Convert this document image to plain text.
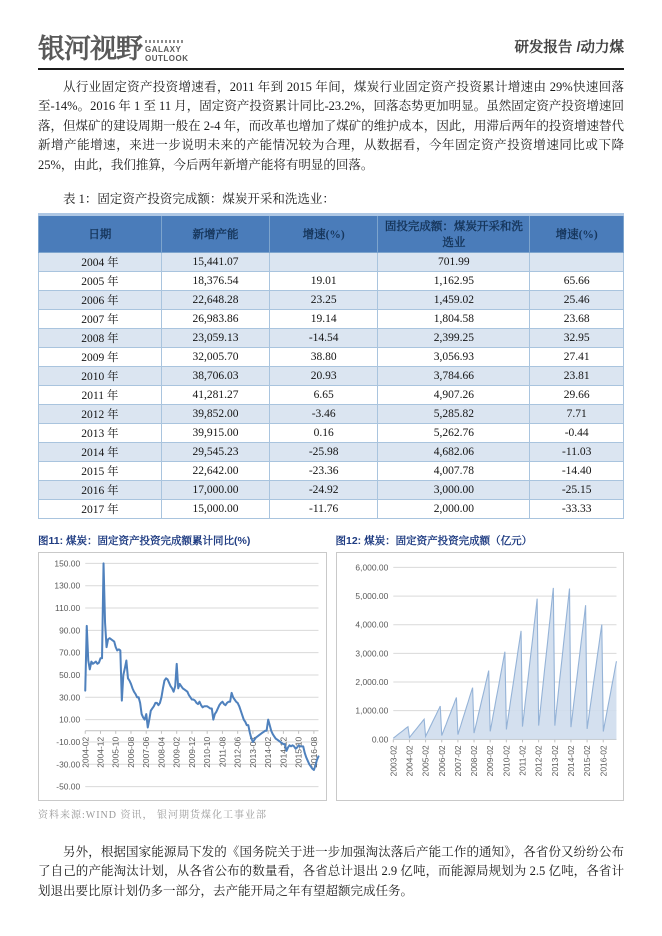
银河视野 GALAXY
OUTLOOK
研发报告 /动力煤

从行业固定资产投资增速看，2011 年到 2015 年间，煤炭行业固定资产投资累计增速由 29%快速回落至-14%。2016 年 1 至 11 月，固定资产投资累计同比-23.2%，回落态势更加明显。虽然固定资产投资增速回落，但煤矿的建设周期一般在 2-4 年，而改革也增加了煤矿的维护成本，因此，用滞后两年的投资增速替代新增产能增速，来进一步说明未来的产能情况较为合理，从数据看，今年固定资产投资增速同比或下降 25%，由此，我们推算，今后两年新增产能将有明显的回落。

表 1：固定资产投资完成额：煤炭开采和洗选业：

日期	新增产能	增速(%)	固投完成额：煤炭开采和洗选业	增速(%)
2004 年	15,441.07		701.99	
2005 年	18,376.54	19.01	1,162.95	65.66
2006 年	22,648.28	23.25	1,459.02	25.46
2007 年	26,983.86	19.14	1,804.58	23.68
2008 年	23,059.13	-14.54	2,399.25	32.95
2009 年	32,005.70	38.80	3,056.93	27.41
2010 年	38,706.03	20.93	3,784.66	23.81
2011 年	41,281.27	6.65	4,907.26	29.66
2012 年	39,852.00	-3.46	5,285.82	7.71
2013 年	39,915.00	0.16	5,262.76	-0.44
2014 年	29,545.23	-25.98	4,682.06	-11.03
2015 年	22,642.00	-23.36	4,007.78	-14.40
2016 年	17,000.00	-24.92	3,000.00	-25.15
2017 年	15,000.00	-11.76	2,000.00	-33.33

图11: 煤炭：固定资产投资完成额累计同比(%)

-50.00
-30.00
-10.00
10.00
30.00
50.00
70.00
90.00
110.00
130.00
150.00
2004-02 2004-12 2005-10 2006-08 2007-06 2008-04 2009-02 2009-12 2010-10 2011-08 2012-06 2013-04 2014-02 2014-12 2015-10 2016-08

图12: 煤炭：固定资产投资完成额（亿元）

0.00
1,000.00
2,000.00
3,000.00
4,000.00
5,000.00
6,000.00
2003-02 2004-02 2005-02 2006-02 2007-02 2008-02 2009-02 2010-02 2011-02 2012-02 2013-02 2014-02 2015-02 2016-02
资料来源:WIND 资讯， 银河期货煤化工事业部

另外，根据国家能源局下发的《国务院关于进一步加强淘汰落后产能工作的通知》，各省份又纷纷公布了自己的产能淘汰计划，从各省公布的数量看，各省总计退出 2.9 亿吨，而能源局规划为 2.5 亿吨，各省计划退出要比原计划仍多一部分，去产能开局之年有望超额完成任务。
